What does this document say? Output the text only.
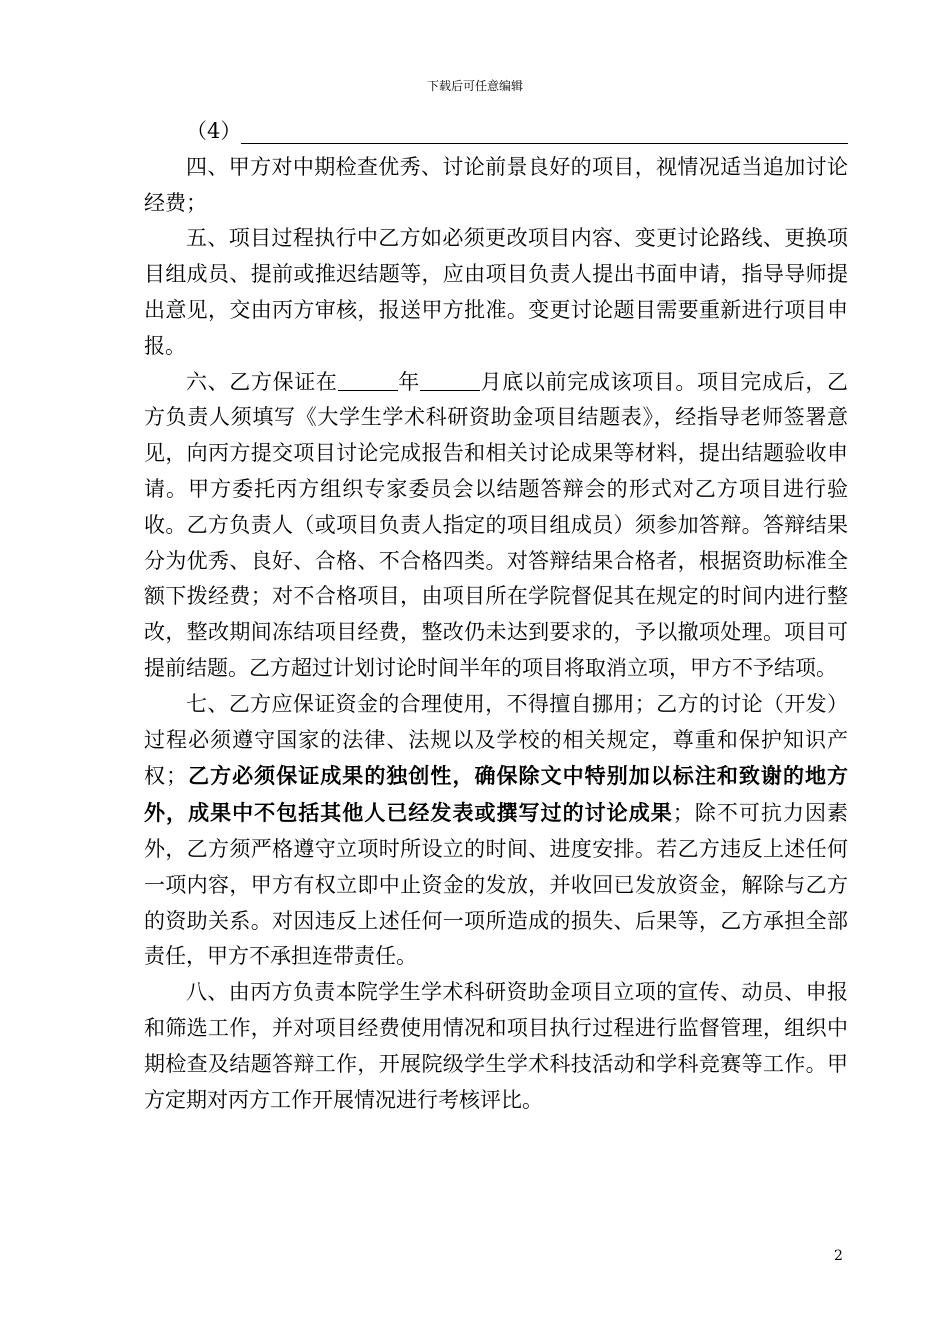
下载后可任意编辑

（4）

四、甲方对中期检查优秀、讨论前景良好的项目，视情况适当追加讨论经费；

五、项目过程执行中乙方如必须更改项目内容、变更讨论路线、更换项目组成员、提前或推迟结题等，应由项目负责人提出书面申请，指导导师提出意见，交由丙方审核，报送甲方批准。变更讨论题目需要重新进行项目申报。

六、乙方保证在	年	月底以前完成该项目。项目完成后，乙方负责人须填写《大学生学术科研资助金项目结题表》，经指导老师签署意见，向丙方提交项目讨论完成报告和相关讨论成果等材料，提出结题验收申请。甲方委托丙方组织专家委员会以结题答辩会的形式对乙方项目进行验收。乙方负责人（或项目负责人指定的项目组成员）须参加答辩。答辩结果分为优秀、良好、合格、不合格四类。对答辩结果合格者，根据资助标准全额下拨经费；对不合格项目，由项目所在学院督促其在规定的时间内进行整改，整改期间冻结项目经费，整改仍未达到要求的，予以撤项处理。项目可提前结题。乙方超过计划讨论时间半年的项目将取消立项，甲方不予结项。

七、乙方应保证资金的合理使用，不得擅自挪用；乙方的讨论（开发）过程必须遵守国家的法律、法规以及学校的相关规定，尊重和保护知识产权；乙方必须保证成果的独创性，确保除文中特别加以标注和致谢的地方外，成果中不包括其他人已经发表或撰写过的讨论成果；除不可抗力因素外，乙方须严格遵守立项时所设立的时间、进度安排。若乙方违反上述任何一项内容，甲方有权立即中止资金的发放，并收回已发放资金，解除与乙方的资助关系。对因违反上述任何一项所造成的损失、后果等，乙方承担全部责任，甲方不承担连带责任。

八、由丙方负责本院学生学术科研资助金项目立项的宣传、动员、申报和筛选工作，并对项目经费使用情况和项目执行过程进行监督管理，组织中期检查及结题答辩工作，开展院级学生学术科技活动和学科竞赛等工作。甲方定期对丙方工作开展情况进行考核评比。

2
